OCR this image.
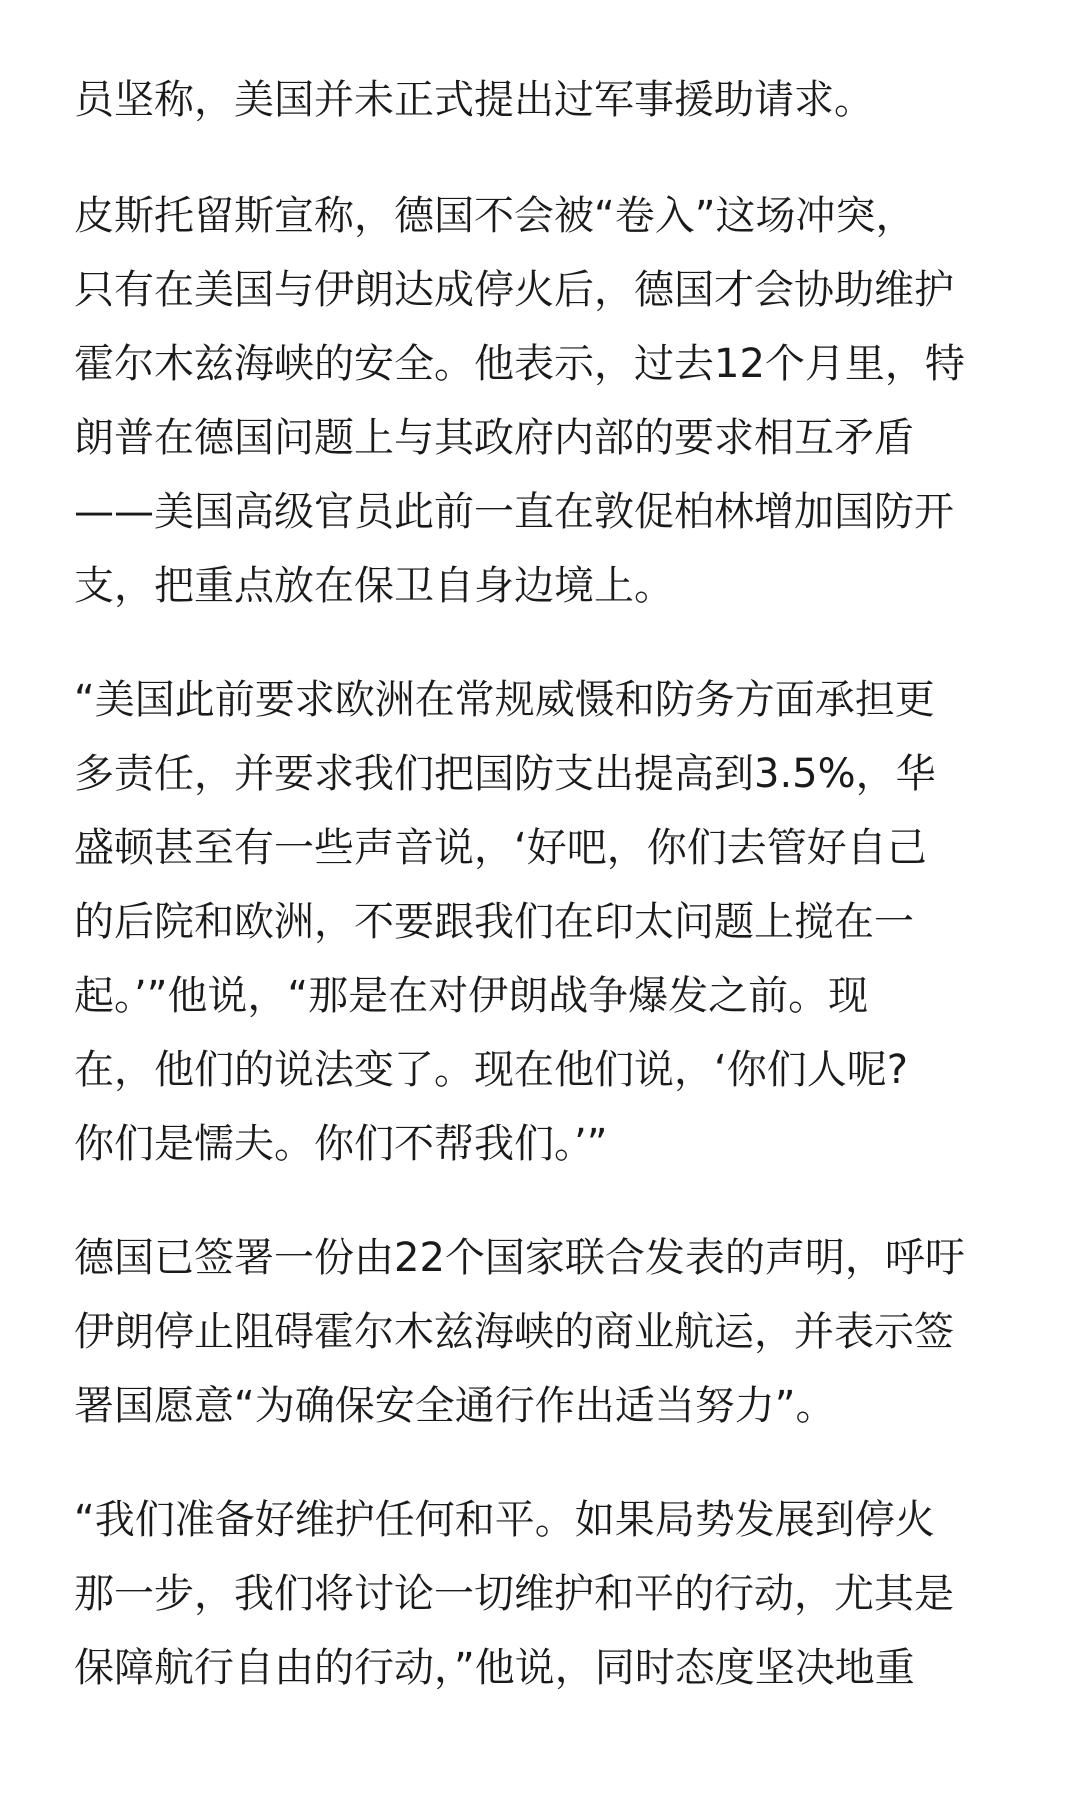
员坚称，美国并未正式提出过军事援助请求。
皮斯托留斯宣称，德国不会被“卷入”这场冲突，
只有在美国与伊朗达成停火后，德国才会协助维护
霍尔木兹海峡的安全。他表示，过去12个月里，特
朗普在德国问题上与其政府内部的要求相互矛盾
——美国高级官员此前一直在敦促柏林增加国防开
支，把重点放在保卫自身边境上。
“美国此前要求欧洲在常规威慑和防务方面承担更
多责任，并要求我们把国防支出提高到3.5%，华
盛顿甚至有一些声音说，‘好吧，你们去管好自己
的后院和欧洲，不要跟我们在印太问题上搅在一
起。’”他说，“那是在对伊朗战争爆发之前。现
在，他们的说法变了。现在他们说，‘你们人呢?
你们是懦夫。你们不帮我们。’”
德国已签署一份由22个国家联合发表的声明，呼吁
伊朗停止阻碍霍尔木兹海峡的商业航运，并表示签
署国愿意“为确保安全通行作出适当努力”。
“我们准备好维护任何和平。如果局势发展到停火
那一步，我们将讨论一切维护和平的行动，尤其是
保障航行自由的行动，”他说，同时态度坚决地重
